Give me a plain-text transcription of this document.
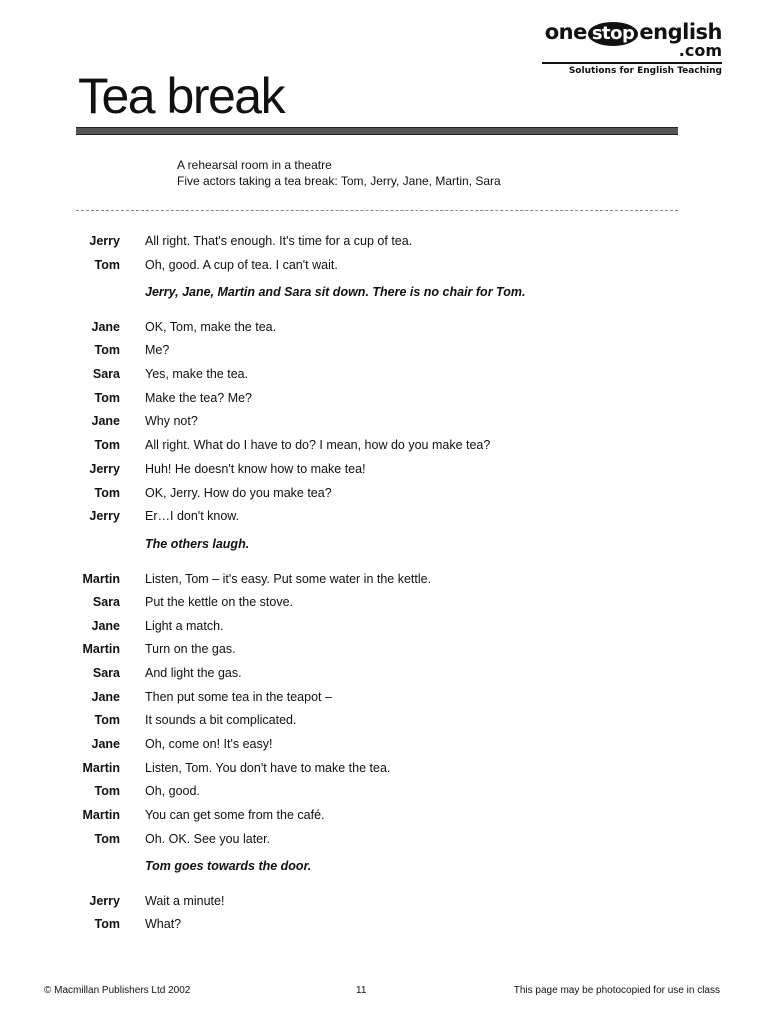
one stop english
.com
Solutions for English Teaching
Tea break
A rehearsal room in a theatre
Five actors taking a tea break: Tom, Jerry, Jane, Martin, Sara
Jerry All right. That's enough. It's time for a cup of tea.
Tom Oh, good. A cup of tea. I can't wait.
Jerry, Jane, Martin and Sara sit down. There is no chair for Tom.
Jane OK, Tom, make the tea.
Tom Me?
Sara Yes, make the tea.
Tom Make the tea? Me?
Jane Why not?
Tom All right. What do I have to do? I mean, how do you make tea?
Jerry Huh! He doesn't know how to make tea!
Tom OK, Jerry. How do you make tea?
Jerry Er…I don't know.
The others laugh.
Martin Listen, Tom – it's easy. Put some water in the kettle.
Sara Put the kettle on the stove.
Jane Light a match.
Martin Turn on the gas.
Sara And light the gas.
Jane Then put some tea in the teapot –
Tom It sounds a bit complicated.
Jane Oh, come on! It's easy!
Martin Listen, Tom. You don't have to make the tea.
Tom Oh, good.
Martin You can get some from the café.
Tom Oh. OK. See you later.
Tom goes towards the door.
Jerry Wait a minute!
Tom What?
© Macmillan Publishers Ltd 2002	11	This page may be photocopied for use in class
